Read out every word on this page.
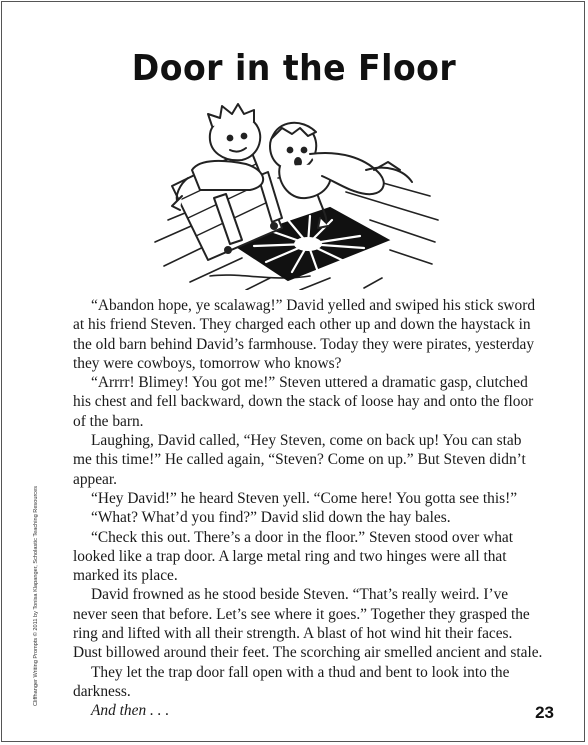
Door in the Floor

“Abandon hope, ye scalawag!” David yelled and swiped his stick sword at his friend Steven. They charged each other up and down the haystack in the old barn behind David’s farmhouse. Today they were pirates, yesterday they were cowboys, tomorrow who knows?

“Arrrr! Blimey! You got me!” Steven uttered a dramatic gasp, clutched his chest and fell backward, down the stack of loose hay and onto the floor of the barn.

Laughing, David called, “Hey Steven, come on back up! You can stab me this time!” He called again, “Steven? Come on up.” But Steven didn’t appear.

“Hey David!” he heard Steven yell. “Come here! You gotta see this!”

“What? What’d you find?” David slid down the hay bales.

“Check this out. There’s a door in the floor.” Steven stood over what looked like a trap door. A large metal ring and two hinges were all that marked its place.

David frowned as he stood beside Steven. “That’s really weird. I’ve never seen that before. Let’s see where it goes.” Together they grasped the ring and lifted with all their strength. A blast of hot wind hit their faces. Dust billowed around their feet. The scorching air smelled ancient and stale.

They let the trap door fall open with a thud and bent to look into the darkness.

And then . . .

Cliffhanger Writing Prompts © 2011 by Tonisa Klapanger, Scholastic Teaching Resources
23
